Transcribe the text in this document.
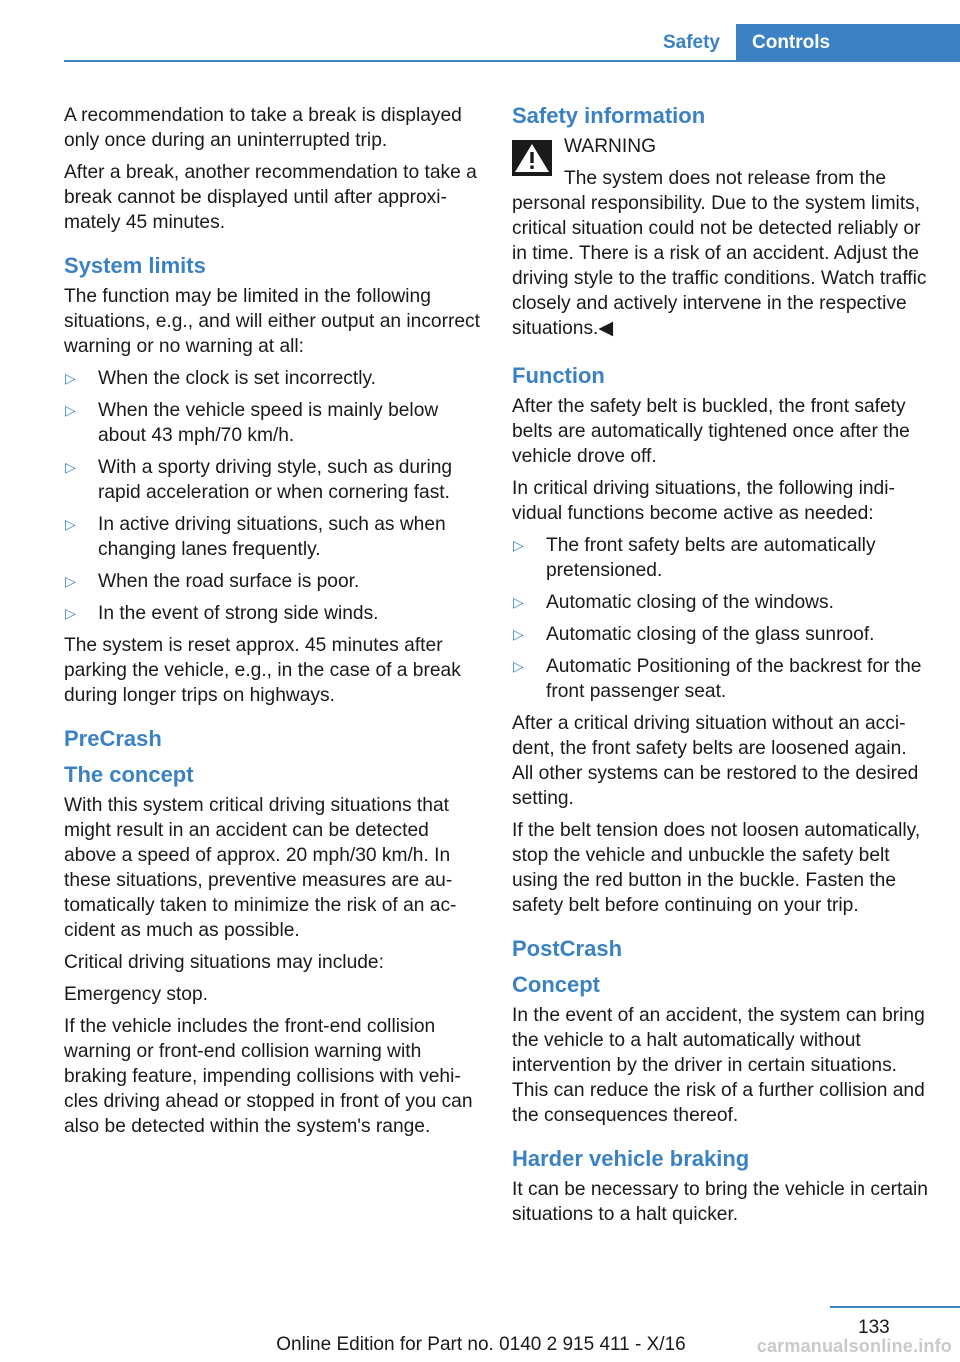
Safety	Controls

A recommendation to take a break is displayed only once during an uninterrupted trip.

After a break, another recommendation to take a break cannot be displayed until after approximately 45 minutes.

System limits

The function may be limited in the following situations, e.g., and will either output an incorrect warning or no warning at all:

▷ When the clock is set incorrectly.
▷ When the vehicle speed is mainly below about 43 mph/70 km/h.
▷ With a sporty driving style, such as during rapid acceleration or when cornering fast.
▷ In active driving situations, such as when changing lanes frequently.
▷ When the road surface is poor.
▷ In the event of strong side winds.

The system is reset approx. 45 minutes after parking the vehicle, e.g., in the case of a break during longer trips on highways.

PreCrash
The concept

With this system critical driving situations that might result in an accident can be detected above a speed of approx. 20 mph/30 km/h. In these situations, preventive measures are automatically taken to minimize the risk of an accident as much as possible.

Critical driving situations may include:

Emergency stop.

If the vehicle includes the front-end collision warning or front-end collision warning with braking feature, impending collisions with vehicles driving ahead or stopped in front of you can also be detected within the system's range.

Safety information
WARNING
The system does not release from the personal responsibility. Due to the system limits, critical situation could not be detected reliably or in time. There is a risk of an accident. Adjust the driving style to the traffic conditions. Watch traffic closely and actively intervene in the respective situations.◀
Function

After the safety belt is buckled, the front safety belts are automatically tightened once after the vehicle drove off.

In critical driving situations, the following individual functions become active as needed:

▷ The front safety belts are automatically pretensioned.
▷ Automatic closing of the windows.
▷ Automatic closing of the glass sunroof.
▷ Automatic Positioning of the backrest for the front passenger seat.

After a critical driving situation without an accident, the front safety belts are loosened again. All other systems can be restored to the desired setting.

If the belt tension does not loosen automatically, stop the vehicle and unbuckle the safety belt using the red button in the buckle. Fasten the safety belt before continuing on your trip.

PostCrash
Concept

In the event of an accident, the system can bring the vehicle to a halt automatically without intervention by the driver in certain situations. This can reduce the risk of a further collision and the consequences thereof.

Harder vehicle braking

It can be necessary to bring the vehicle in certain situations to a halt quicker.

133
Online Edition for Part no. 0140 2 915 411 - X/16	carmanualsonline.info
